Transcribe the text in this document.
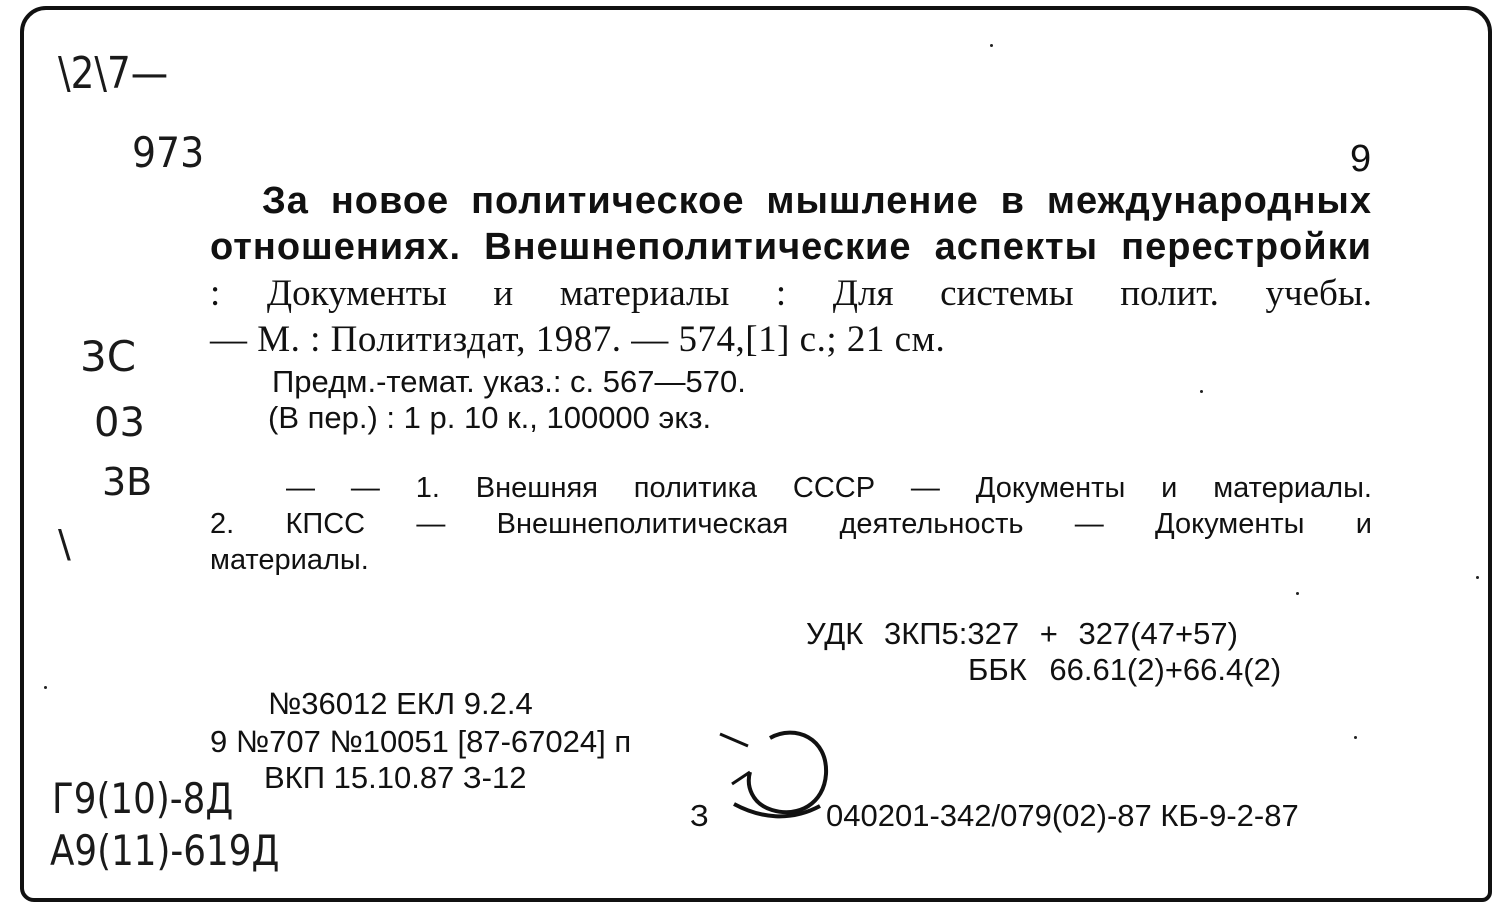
\2\7—
973	9
За новое политическое мышление в международных
отношениях. Внешнеполитические аспекты перестройки
: Документы и материалы : Для системы полит. учебы.
— М. : Политиздат, 1987. — 574,[1] с.; 21 см.
3C
03
3B
\
Предм.-темат. указ.: с. 567—570.
(В пер.) : 1 р. 10 к., 100000 экз.
— — 1. Внешняя политика СССР — Документы и материалы.
2. КПСС — Внешнеполитическая деятельность — Документы и
материалы.
УДК 3КП5:327 + 327(47+57)
ББК 66.61(2)+66.4(2)
№36012 ЕКЛ 9.2.4
9 №707 №10051 [87-67024] п
ВКП 15.10.87 З-12
З	040201-342/079(02)-87 КБ-9-2-87
Г9(10)-8Д
А9(11)-619Д
